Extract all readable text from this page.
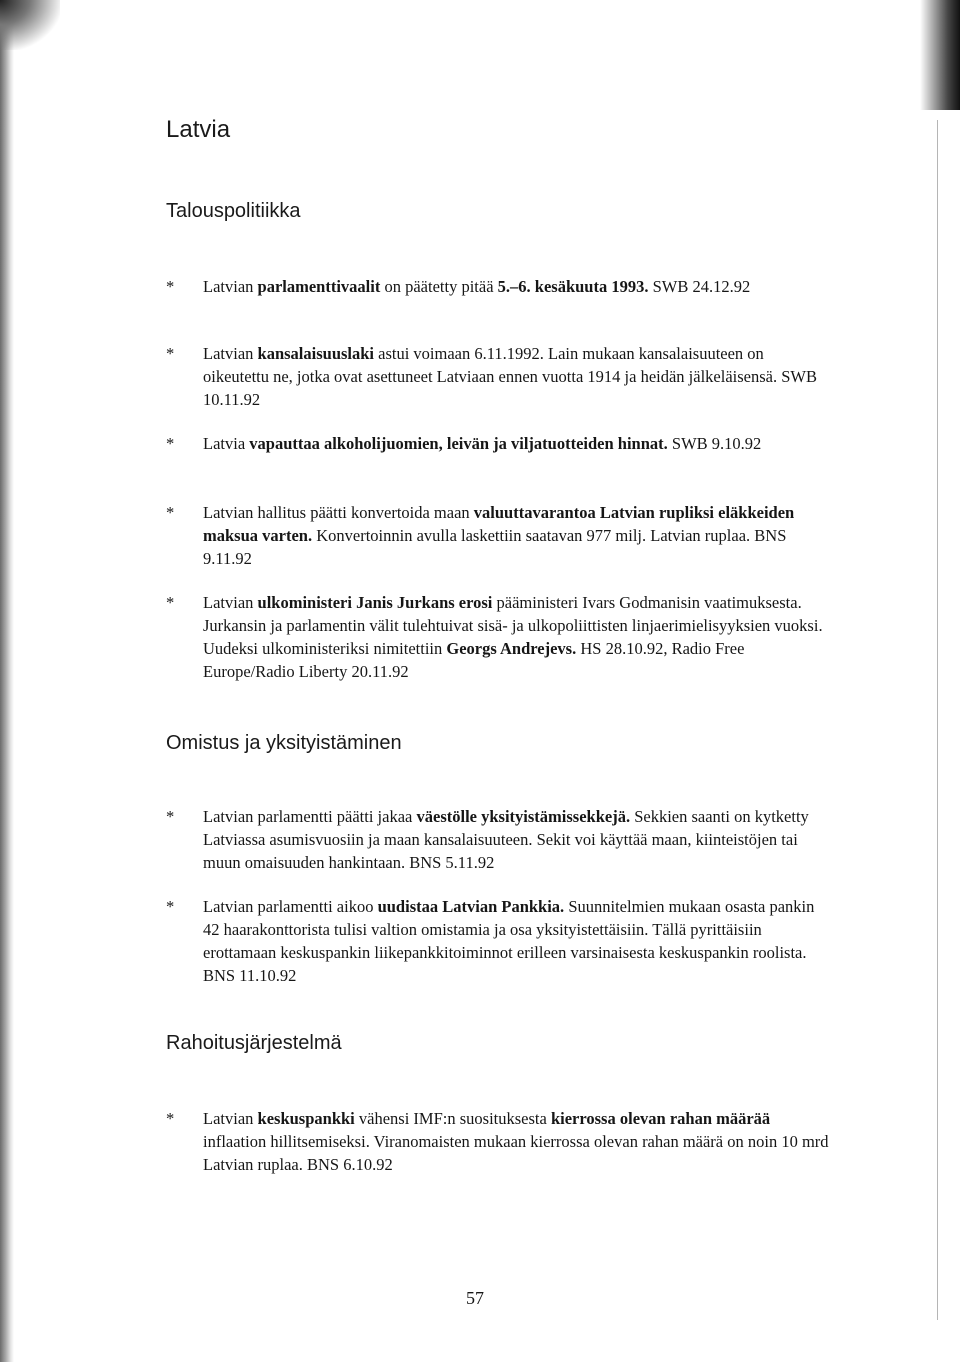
Latvia
Talouspolitiikka
*	Latvian parlamenttivaalit on päätetty pitää 5.–6. kesäkuuta 1993. SWB 24.12.92
*	Latvian kansalaisuuslaki astui voimaan 6.11.1992. Lain mukaan kansalaisuuteen on oikeutettu ne, jotka ovat asettuneet Latviaan ennen vuotta 1914 ja heidän jälkeläisensä. SWB 10.11.92
*	Latvia vapauttaa alkoholijuomien, leivän ja viljatuotteiden hinnat. SWB 9.10.92
*	Latvian hallitus päätti konvertoida maan valuuttavarantoa Latvian rupliksi eläkkeiden maksua varten. Konvertoinnin avulla laskettiin saatavan 977 milj. Latvian ruplaa. BNS 9.11.92
*	Latvian ulkoministeri Janis Jurkans erosi pääministeri Ivars Godmanisin vaatimuksesta. Jurkansin ja parlamentin välit tulehtuivat sisä- ja ulkopoliittisten linjaerimielisyyksien vuoksi. Uudeksi ulkoministeriksi nimitettiin Georgs Andrejevs. HS 28.10.92, Radio Free Europe/Radio Liberty 20.11.92
Omistus ja yksityistäminen
*	Latvian parlamentti päätti jakaa väestölle yksityistämissekkejä. Sekkien saanti on kytketty Latviassa asumisvuosiin ja maan kansalaisuuteen. Sekit voi käyttää maan, kiinteistöjen tai muun omaisuuden hankintaan. BNS 5.11.92
*	Latvian parlamentti aikoo uudistaa Latvian Pankkia. Suunnitelmien mukaan osasta pankin 42 haarakonttorista tulisi valtion omistamia ja osa yksityistettäisiin. Tällä pyrittäisiin erottamaan keskuspankin liikepankkitoiminnot erilleen varsinaisesta keskuspankin roolista. BNS 11.10.92
Rahoitusjärjestelmä
*	Latvian keskuspankki vähensi IMF:n suosituksesta kierrossa olevan rahan määrää inflaation hillitsemiseksi. Viranomaisten mukaan kierrossa olevan rahan määrä on noin 10 mrd Latvian ruplaa. BNS 6.10.92
57
